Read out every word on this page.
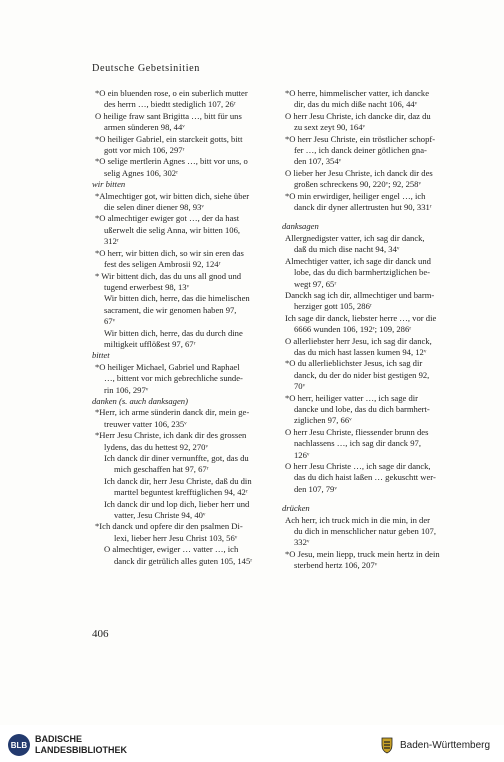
Deutsche Gebetsinitien
*O ein bluenden rose, o ein suberlich mutter
des herrn …, biedtt stediglich 107, 26ʳ
O heilige fraw sant Brigitta …, bitt für uns
armen sünderen 98, 44ᵛ
*O heiliger Gabriel, ein starckeit gotts, bitt
gott vor mich 106, 297ʳ
*O selige mertlerin Agnes …, bitt vor uns, o
selig Agnes 106, 302ʳ
wir bitten
*Almechtiger got, wir bitten dich, siehe über
die selen diner diener 98, 93ᵛ
*O almechtiger ewiger got …, der da hast
ußerwelt die selig Anna, wir bitten 106,
312ʳ
*O herr, wir bitten dich, so wir sin eren das
fest des seligen Ambrosii 92, 124ʳ
* Wir bittent dich, das du uns all gnod und
tugend erwerbest 98, 13ᵛ
Wir bitten dich, herre, das die himelischen
sacrament, die wir genomen haben 97,
67ᵛ
Wir bitten dich, herre, das du durch dine
miltigkeit ufflößest 97, 67ʳ
bittet
*O heiliger Michael, Gabriel und Raphael
…, bittent vor mich gebrechliche sunde-
rin 106, 297ᵛ
danken (s. auch danksagen)
*Herr, ich arme sünderin danck dir, mein ge-
treuwer vatter 106, 235ᵛ
*Herr Jesu Christe, ich dank dir des grossen
lydens, das du hettest 92, 270ᵛ
Ich danck dir diner vernunffte, got, das du
mich geschaffen hat 97, 67ʳ
Ich danck dir, herr Jesu Christe, daß du din
marttel beguntest krefftiglichen 94, 42ʳ
Ich danck dir und lop dich, lieber herr und
vatter, Jesu Christe 94, 40ᵛ
*Ich danck und opfere dir den psalmen Di-
lexi, lieber herr Jesu Christ 103, 56ᵛ
O almechtiger, ewiger … vatter …, ich
danck dir getrülich alles guten 105, 145ʳ
*O herre, himmelischer vatter, ich dancke
dir, das du mich diße nacht 106, 44ᵛ
O herr Jesu Christe, ich dancke dir, daz du
zu sext zeyt 90, 164ᵛ
*O herr Jesu Christe, ein tröstlicher schopf-
fer …, ich danck deiner götlichen gna-
den 107, 354ᵛ
O lieber her Jesu Christe, ich danck dir des
großen schreckens 90, 220ᵛ; 92, 258ᵛ
*O min erwirdiger, heiliger engel …, ich
danck dir dyner allertrusten hut 90, 331ʳ
danksagen
Allergnedigster vatter, ich sag dir danck,
daß du mich dise nacht 94, 34ᵛ
Almechtiger vatter, ich sage dir danck und
lobe, das du dich barmhertziglichen be-
wegt 97, 65ʳ
Danckh sag ich dir, allmechtiger und barm-
herziger gott 105, 286ʳ
Ich sage dir danck, liebster herre …, vor die
6666 wunden 106, 192ʳ; 109, 286ʳ
O allerliebster herr Jesu, ich sag dir danck,
das du mich hast lassen kumen 94, 12ᵛ
*O du allerlieblichster Jesus, ich sag dir
danck, du der do nider bist gestigen 92,
70ᵛ
*O herr, heiliger vatter …, ich sage dir
dancke und lobe, das du dich barmhert-
ziglichen 97, 66ᵛ
O herr Jesu Christe, fliessender brunn des
nachlassens …, ich sag dir danck 97,
126ᵛ
O herr Jesu Christe …, ich sage dir danck,
das du dich haist laßen … gekuschtt wer-
den 107, 79ᵛ
drücken
Ach herr, ich truck mich in die min, in der
du dich in menschlicher natur geben 107,
332ᵛ
*O Jesu, mein liepp, truck mein hertz in dein
sterbend hertz 106, 207ᵛ
406
BLB
BADISCHE
LANDESBIBLIOTHEK	Baden-Württemberg
